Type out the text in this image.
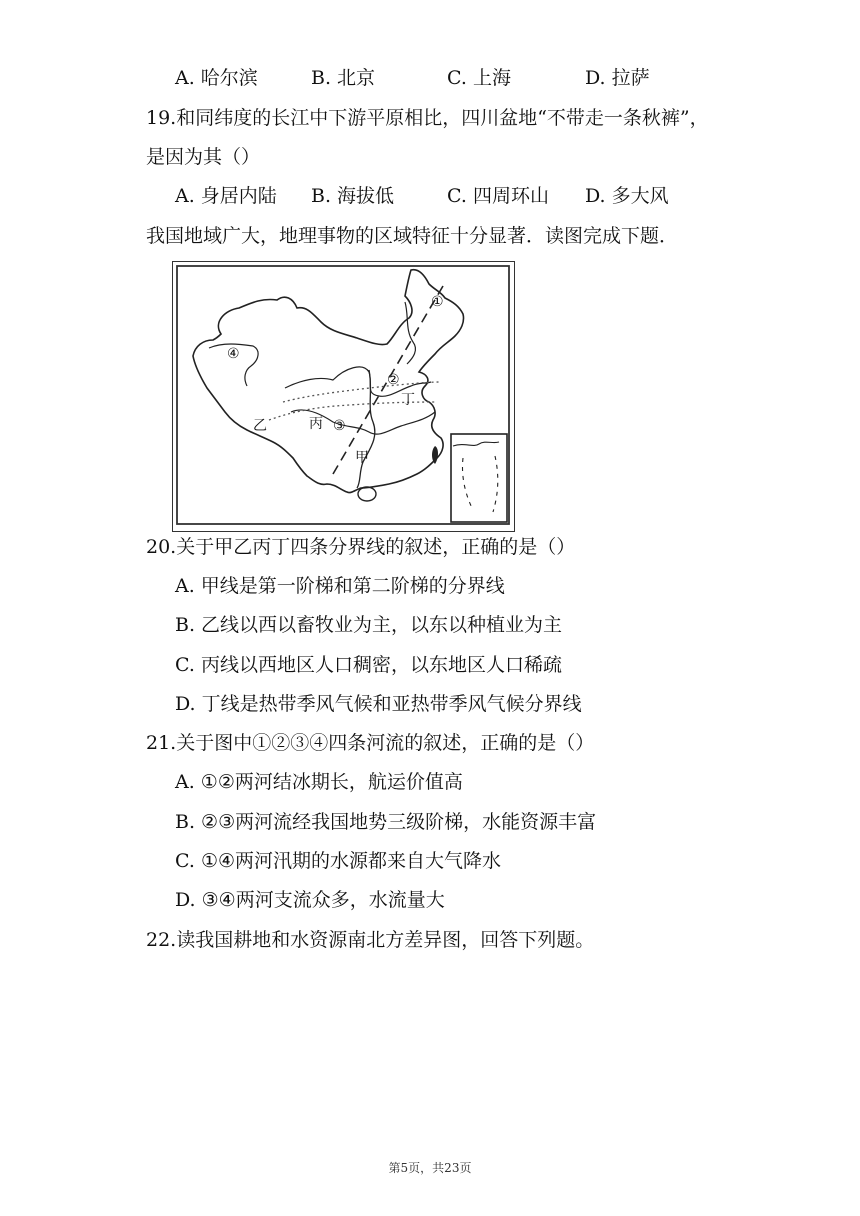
A. 哈尔滨	B. 北京	C. 上海	D. 拉萨
19.和同纬度的长江中下游平原相比，四川盆地“不带走一条秋裤”，
是因为其（）
A. 身居内陆 B. 海拔低	C. 四周环山 D. 多大风
我国地域广大，地理事物的区域特征十分显著．读图完成下题．
①
④
②
丁
乙	丙 ③
甲
20.关于甲乙丙丁四条分界线的叙述，正确的是（）
A. 甲线是第一阶梯和第二阶梯的分界线
B. 乙线以西以畜牧业为主，以东以种植业为主
C. 丙线以西地区人口稠密，以东地区人口稀疏
D. 丁线是热带季风气候和亚热带季风气候分界线
21.关于图中①②③④四条河流的叙述，正确的是（）
A. ①②两河结冰期长，航运价值高
B. ②③两河流经我国地势三级阶梯，水能资源丰富
C. ①④两河汛期的水源都来自大气降水
D. ③④两河支流众多，水流量大
22.读我国耕地和水资源南北方差异图，回答下列题。
第5页，共23页
